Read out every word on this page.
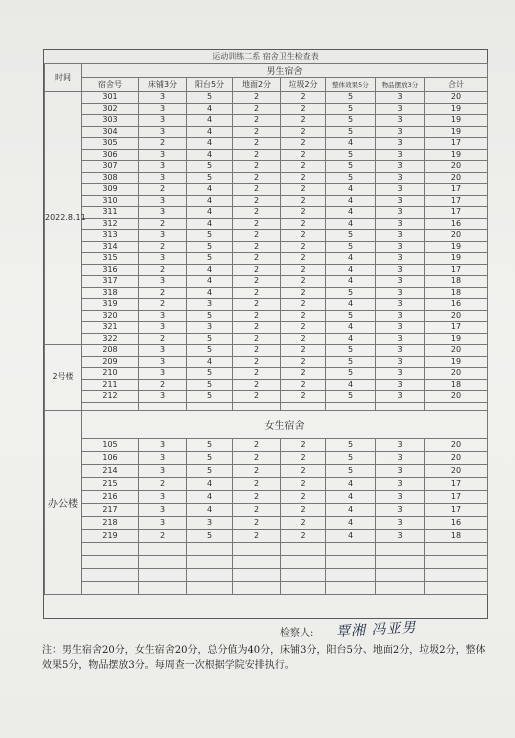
运动训练二系 宿舍卫生检查表
时间	男生宿舍							
	宿舍号	床铺3分	阳台5分	地面2分	垃圾2分	整体效果5分	物品摆放3分	合计
2022.8.11	301	3	5	2	2	5	3	20
	302	3	4	2	2	5	3	19
	303	3	4	2	2	5	3	19
	304	3	4	2	2	5	3	19
	305	2	4	2	2	4	3	17
	306	3	4	2	2	5	3	19
	307	3	5	2	2	5	3	20
	308	3	5	2	2	5	3	20
	309	2	4	2	2	4	3	17
	310	3	4	2	2	4	3	17
	311	3	4	2	2	4	3	17
	312	2	4	2	2	4	3	16
	313	3	5	2	2	5	3	20
	314	2	5	2	2	5	3	19
	315	3	5	2	2	4	3	19
	316	2	4	2	2	4	3	17
	317	3	4	2	2	4	3	18
	318	2	4	2	2	5	3	18
	319	2	3	2	2	4	3	16
	320	3	5	2	2	5	3	20
	321	3	3	2	2	4	3	17
	322	2	5	2	2	4	3	19
2号楼	208	3	5	2	2	5	3	20
	209	3	4	2	2	5	3	19
	210	3	5	2	2	5	3	20
	211	2	5	2	2	4	3	18
	212	3	5	2	2	5	3	20

办公楼	女生宿舍							
	105	3	5	2	2	5	3	20
	106	3	5	2	2	5	3	20
	214	3	5	2	2	5	3	20
	215	2	4	2	2	4	3	17
	216	3	4	2	2	4	3	17
	217	3	4	2	2	4	3	17
	218	3	3	2	2	4	3	16
	219	2	5	2	2	4	3	18

检察人: 覃湘 冯亚男
注：男生宿舍20分，女生宿舍20分，总分值为40分，床铺3分，阳台5分、地面2分，垃圾2分，整体效果5分，物品摆放3分。每周查一次根据学院安排执行。
